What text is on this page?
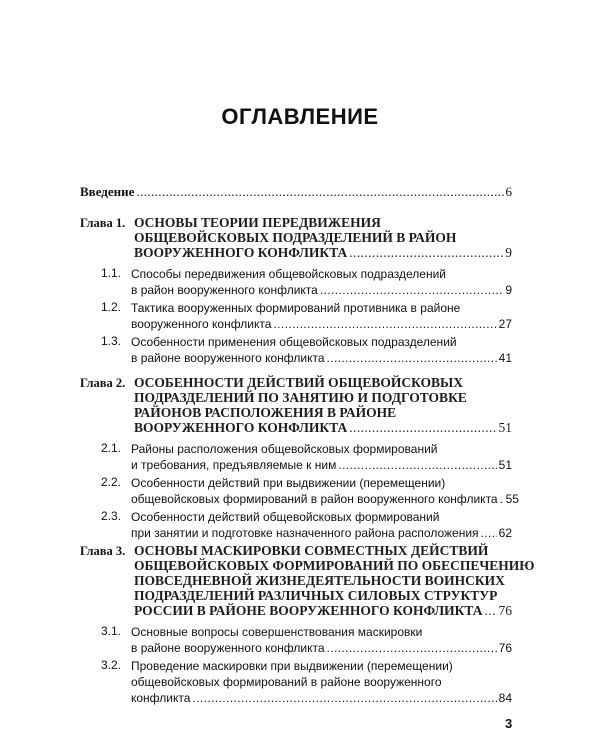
ОГЛАВЛЕНИЕ
Введение .....	6
Глава 1. ОСНОВЫ ТЕОРИИ ПЕРЕДВИЖЕНИЯ
ОБЩЕВОЙСКОВЫХ ПОДРАЗДЕЛЕНИЙ В РАЙОН
ВООРУЖЕННОГО КОНФЛИКТА .....	9
1.1. Способы передвижения общевойсковых подразделений
в район вооруженного конфликта .....	9
1.2. Тактика вооруженных формирований противника в районе
вооруженного конфликта .....	27
1.3. Особенности применения общевойсковых подразделений
в районе вооруженного конфликта .....	41
Глава 2. ОСОБЕННОСТИ ДЕЙСТВИЙ ОБЩЕВОЙСКОВЫХ
ПОДРАЗДЕЛЕНИЙ ПО ЗАНЯТИЮ И ПОДГОТОВКЕ
РАЙОНОВ РАСПОЛОЖЕНИЯ В РАЙОНЕ
ВООРУЖЕННОГО КОНФЛИКТА .....	51
2.1. Районы расположения общевойсковых формирований
и требования, предъявляемые к ним .....	51
2.2. Особенности действий при выдвижении (перемещении)
общевойсковых формирований в район вооруженного конфликта ..... 55
2.3. Особенности действий общевойсковых формирований
при занятии и подготовке назначенного района расположения ..... 62
Глава 3. ОСНОВЫ МАСКИРОВКИ СОВМЕСТНЫХ ДЕЙСТВИЙ
ОБЩЕВОЙСКОВЫХ ФОРМИРОВАНИЙ ПО ОБЕСПЕЧЕНИЮ
ПОВСЕДНЕВНОЙ ЖИЗНЕДЕЯТЕЛЬНОСТИ ВОИНСКИХ
ПОДРАЗДЕЛЕНИЙ РАЗЛИЧНЫХ СИЛОВЫХ СТРУКТУР
РОССИИ В РАЙОНЕ ВООРУЖЕННОГО КОНФЛИКТА ..... 76
3.1. Основные вопросы совершенствования маскировки
в районе вооруженного конфликта .....	76
3.2. Проведение маскировки при выдвижении (перемещении)
общевойсковых формирований в районе вооруженного
конфликта .....	84
3
